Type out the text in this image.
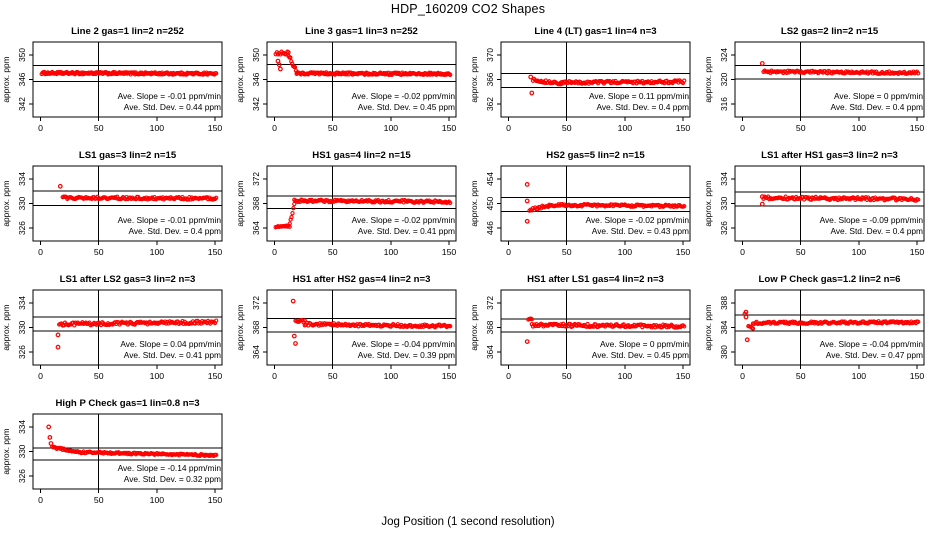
HDP_160209 CO2 Shapes
Line 2 gas=1 lin=2 n=252
342
346
350
approx. ppm
0	50	100	150
Ave. Slope = -0.01 ppm/min
Ave. Std. Dev. = 0.44 ppm
Line 3 gas=1 lin=3 n=252
342
346
350
approx. ppm
0	50	100	150
Ave. Slope = -0.02 ppm/min
Ave. Std. Dev. = 0.45 ppm
Line 4 (LT) gas=1 lin=4 n=3
362
366
370
approx. ppm
0	50	100	150
Ave. Slope = 0.11 ppm/min
Ave. Std. Dev. = 0.4 ppm
LS2 gas=2 lin=2 n=15
316
320
324
approx. ppm
0	50	100	150
Ave. Slope = 0 ppm/min
Ave. Std. Dev. = 0.4 ppm
LS1 gas=3 lin=2 n=15
326
330
334
approx. ppm
0	50	100	150
Ave. Slope = -0.01 ppm/min
Ave. Std. Dev. = 0.4 ppm
HS1 gas=4 lin=2 n=15
364
368
372
approx. ppm
0	50	100	150
Ave. Slope = -0.02 ppm/min
Ave. Std. Dev. = 0.41 ppm
HS2 gas=5 lin=2 n=15
446
450
454
approx. ppm
0	50	100	150
Ave. Slope = -0.02 ppm/min
Ave. Std. Dev. = 0.43 ppm
LS1 after HS1 gas=3 lin=2 n=3
326
330
334
approx. ppm
0	50	100	150
Ave. Slope = -0.09 ppm/min
Ave. Std. Dev. = 0.4 ppm
LS1 after LS2 gas=3 lin=2 n=3
326
330
334
approx. ppm
0	50	100	150
Ave. Slope = 0.04 ppm/min
Ave. Std. Dev. = 0.41 ppm
HS1 after HS2 gas=4 lin=2 n=3
364
368
372
approx. ppm
0	50	100	150
Ave. Slope = -0.04 ppm/min
Ave. Std. Dev. = 0.39 ppm
HS1 after LS1 gas=4 lin=2 n=3
364
368
372
approx. ppm
0	50	100	150
Ave. Slope = 0 ppm/min
Ave. Std. Dev. = 0.45 ppm
Low P Check gas=1.2 lin=2 n=6
380
384
388
approx. ppm
0	50	100	150
Ave. Slope = -0.04 ppm/min
Ave. Std. Dev. = 0.47 ppm
High P Check gas=1 lin=0.8 n=3
326
330
334
approx. ppm
0	50	100	150
Ave. Slope = -0.14 ppm/min
Ave. Std. Dev. = 0.32 ppm
Jog Position (1 second resolution)
